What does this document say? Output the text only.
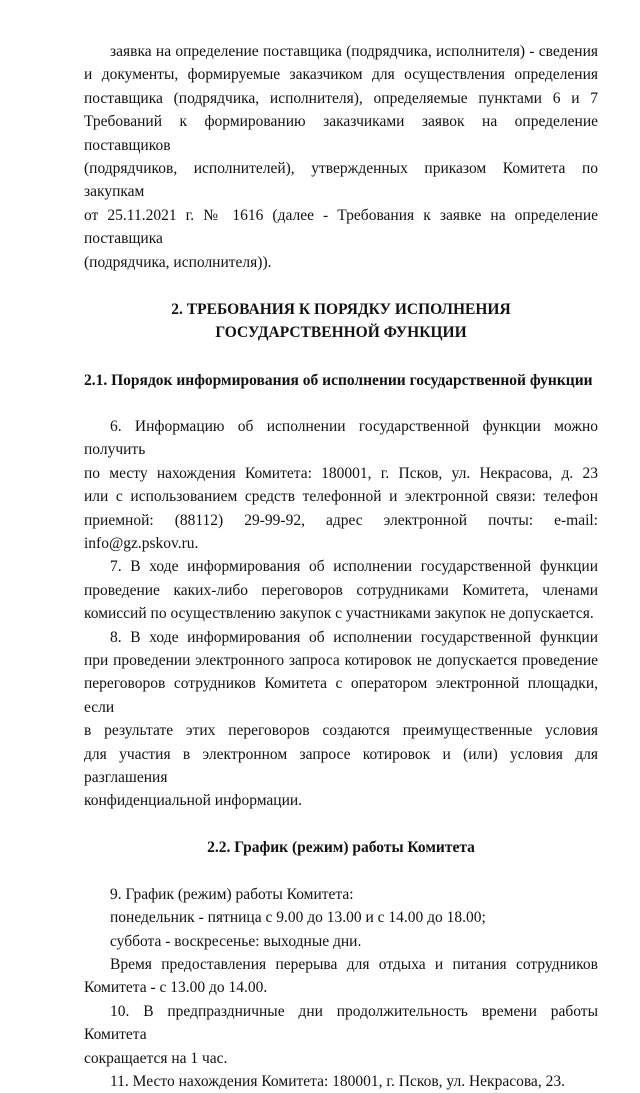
заявка на определение поставщика (подрядчика, исполнителя) - сведения

и документы, формируемые заказчиком для осуществления определения

поставщика (подрядчика, исполнителя), определяемые пунктами 6 и 7

Требований к формированию заказчиками заявок на определение поставщиков

(подрядчиков, исполнителей), утвержденных приказом Комитета по закупкам

от 25.11.2021 г. № 1616 (далее - Требования к заявке на определение поставщика

(подрядчика, исполнителя)).

2. ТРЕБОВАНИЯ К ПОРЯДКУ ИСПОЛНЕНИЯ
ГОСУДАРСТВЕННОЙ ФУНКЦИИ
2.1. Порядок информирования об исполнении государственной функции

6. Информацию об исполнении государственной функции можно получить

по месту нахождения Комитета: 180001, г. Псков, ул. Некрасова, д. 23

или с использованием средств телефонной и электронной связи: телефон

приемной: (88112) 29-99-92, адрес электронной почты: e-mail: info@gz.pskov.ru.

7. В ходе информирования об исполнении государственной функции

проведение каких-либо переговоров сотрудниками Комитета, членами

комиссий по осуществлению закупок с участниками закупок не допускается.

8. В ходе информирования об исполнении государственной функции

при проведении электронного запроса котировок не допускается проведение

переговоров сотрудников Комитета с оператором электронной площадки, если

в результате этих переговоров создаются преимущественные условия

для участия в электронном запросе котировок и (или) условия для разглашения

конфиденциальной информации.

2.2. График (режим) работы Комитета

9. График (режим) работы Комитета:

понедельник - пятница с 9.00 до 13.00 и с 14.00 до 18.00;

суббота - воскресенье: выходные дни.

Время предоставления перерыва для отдыха и питания сотрудников

Комитета - с 13.00 до 14.00.

10. В предпраздничные дни продолжительность времени работы Комитета

сокращается на 1 час.

11. Место нахождения Комитета: 180001, г. Псков, ул. Некрасова, 23.
